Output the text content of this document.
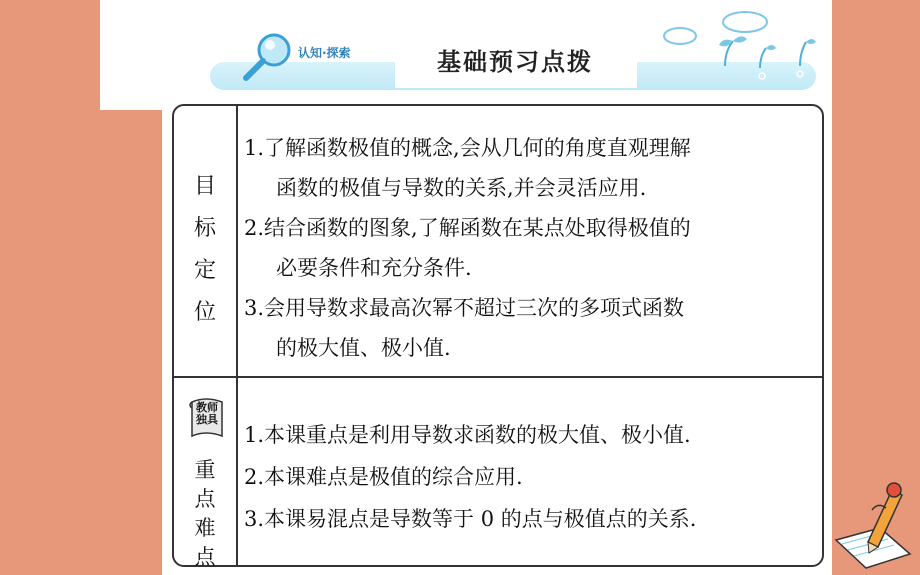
认知·探索	基础预习点拨
目
标
定
位
1.了解函数极值的概念,会从几何的角度直观理解
函数的极值与导数的关系,并会灵活应用.
2.结合函数的图象,了解函数在某点处取得极值的
必要条件和充分条件.
3.会用导数求最高次幂不超过三次的多项式函数
的极大值、极小值.
教师
独具
重
点
难
点
1.本课重点是利用导数求函数的极大值、极小值.
2.本课难点是极值的综合应用.
3.本课易混点是导数等于 0 的点与极值点的关系.
